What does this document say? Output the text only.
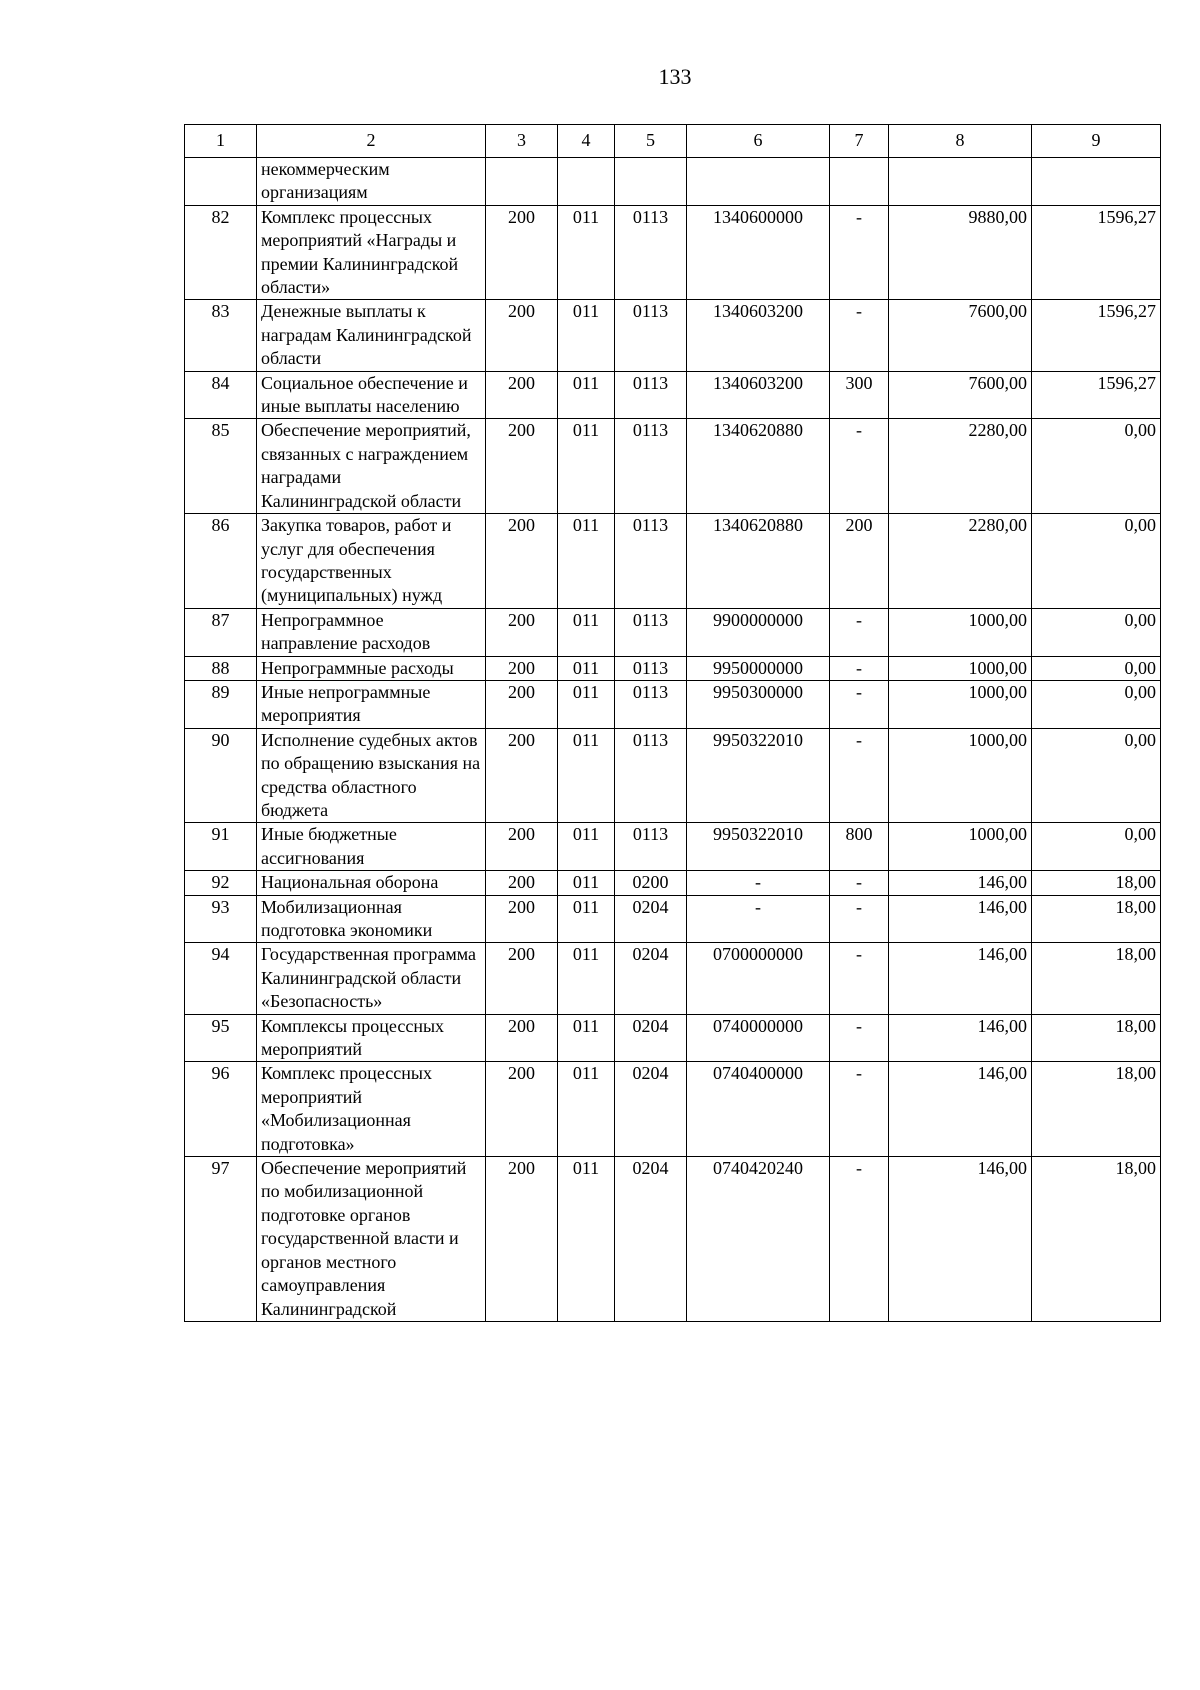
133
1	2	3	4	5	6	7	8	9
	некоммерческим организациям							
82	Комплекс процессных мероприятий «Награды и премии Калининградской области»	200	011	0113	1340600000	-	9880,00	1596,27
83	Денежные выплаты к наградам Калининградской области	200	011	0113	1340603200	-	7600,00	1596,27
84	Социальное обеспечение и иные выплаты населению	200	011	0113	1340603200	300	7600,00	1596,27
85	Обеспечение мероприятий, связанных с награждением наградами Калининградской области	200	011	0113	1340620880	-	2280,00	0,00
86	Закупка товаров, работ и услуг для обеспечения государственных (муниципальных) нужд	200	011	0113	1340620880	200	2280,00	0,00
87	Непрограммное направление расходов	200	011	0113	9900000000	-	1000,00	0,00
88	Непрограммные расходы	200	011	0113	9950000000	-	1000,00	0,00
89	Иные непрограммные мероприятия	200	011	0113	9950300000	-	1000,00	0,00
90	Исполнение судебных актов по обращению взыскания на средства областного бюджета	200	011	0113	9950322010	-	1000,00	0,00
91	Иные бюджетные ассигнования	200	011	0113	9950322010	800	1000,00	0,00
92	Национальная оборона	200	011	0200	-	-	146,00	18,00
93	Мобилизационная подготовка экономики	200	011	0204	-	-	146,00	18,00
94	Государственная программа Калининградской области «Безопасность»	200	011	0204	0700000000	-	146,00	18,00
95	Комплексы процессных мероприятий	200	011	0204	0740000000	-	146,00	18,00
96	Комплекс процессных мероприятий «Мобилизационная подготовка»	200	011	0204	0740400000	-	146,00	18,00
97	Обеспечение мероприятий по мобилизационной подготовке органов государственной власти и органов местного самоуправления Калининградской	200	011	0204	0740420240	-	146,00	18,00
